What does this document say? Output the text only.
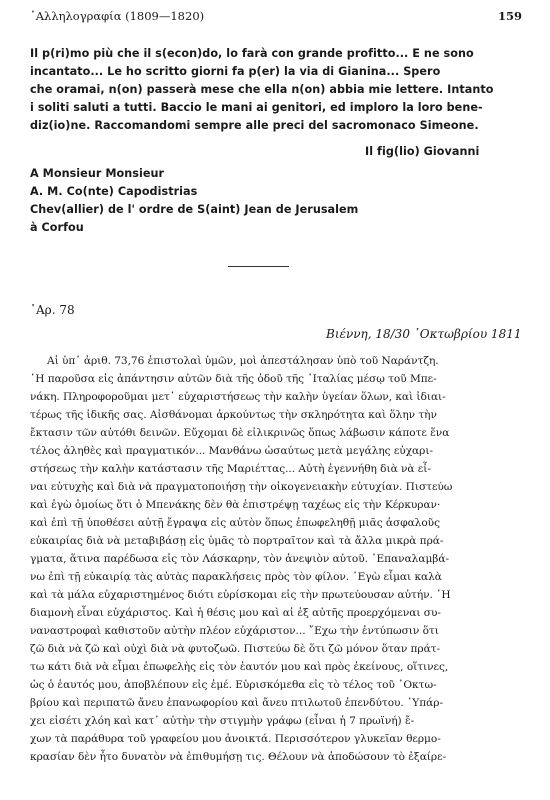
᾿Αλληλογραφία (1809—1820)	159
Il p(ri)mo più che il s(econ)do, lo farà con grande profitto... E ne sono
incantato... Le ho scritto giorni fa p(er) la via di Gianina... Spero
che oramai, n(on) passerà mese che ella n(on) abbia mie lettere. Intanto
i soliti saluti a tutti. Baccio le mani ai genitori, ed imploro la loro bene-
diz(io)ne. Raccomandomi sempre alle preci del sacromonaco Simeone.
Il fig(lio) Giovanni
A Monsieur Monsieur
A. M. Co(nte) Capodistrias
Chev(allier) de l' ordre de S(aint) Jean de Jerusalem
à Corfou
᾿Αρ. 78
Βιέννη, 18/30 ᾿Οκτωβρίου 1811
Αἱ ὑπ᾿ ἀριθ. 73,76 ἐπιστολαὶ ὑμῶν, μοὶ ἀπεστάλησαν ὑπὸ τοῦ Ναράντζη.
῾Η παροῦσα εἰς ἀπάντησιν αὐτῶν διὰ τῆς ὁδοῦ τῆς ᾿Ιταλίας μέσῳ τοῦ Μπε-
νάκη. Πληροφοροῦμαι μετ᾿ εὐχαριστήσεως τὴν καλὴν ὑγείαν ὅλων, καὶ ἰδιαι-
τέρως τῆς ἰδικῆς σας. Αἰσθάνομαι ἀρκούντως τὴν σκληρότητα καὶ ὅλην τὴν
ἔκτασιν τῶν αὐτόθι δεινῶν. Εὔχομαι δὲ εἰλικρινῶς ὅπως λάβωσιν κάποτε ἕνα
τέλος ἀληθὲς καὶ πραγματικόν... Μανθάνω ὡσαύτως μετὰ μεγάλης εὐχαρι-
στήσεως τὴν καλὴν κατάστασιν τῆς Μαριέττας... Αὐτὴ ἐγεννήθη διὰ νὰ εἶ-
ναι εὐτυχὴς καὶ διὰ νὰ πραγματοποιήσῃ τὴν οἰκογενειακὴν εὐτυχίαν. Πιστεύω
καὶ ἐγὼ ὁμοίως ὅτι ὁ Μπενάκης δὲν θὰ ἐπιστρέψῃ ταχέως εἰς τὴν Κέρκυραν·
καὶ ἐπὶ τῇ ὑποθέσει αὐτῇ ἔγραψα εἰς αὐτὸν ὅπως ἐπωφεληθῇ μιᾶς ἀσφαλοῦς
εὐκαιρίας διὰ νὰ μεταβιβάσῃ εἰς ὑμᾶς τὸ πορτραῖτον καὶ τὰ ἄλλα μικρὰ πρά-
γματα, ἅτινα παρέδωσα εἰς τὸν Λάσκαρην, τὸν ἀνεψιὸν αὐτοῦ. ᾿Επαναλαμβά-
νω ἐπὶ τῇ εὐκαιρίᾳ τὰς αὐτὰς παρακλήσεις πρὸς τὸν φίλον. ᾿Εγὼ εἶμαι καλὰ
καὶ τὰ μάλα εὐχαριστημένος διότι εὑρίσκομαι εἰς τὴν πρωτεύουσαν αὐτήν. ῾Η
διαμονὴ εἶναι εὐχάριστος. Καὶ ἡ θέσις μου καὶ αἱ ἐξ αὐτῆς προερχόμεναι συ-
ναναστροφαὶ καθιστοῦν αὐτὴν πλέον εὐχάριστον... ῎Εχω τὴν ἐντύπωσιν ὅτι
ζῶ διὰ νὰ ζῶ καὶ οὐχὶ διὰ νὰ φυτοζωῶ. Πιστεύω δὲ ὅτι ζῶ μόνον ὅταν πράτ-
τω κάτι διὰ νὰ εἶμαι ἐπωφελὴς εἰς τὸν ἑαυτόν μου καὶ πρὸς ἐκείνους, οἵτινες,
ὡς ὁ ἑαυτός μου, ἀποβλέπουν εἰς ἐμέ. Εὑρισκόμεθα εἰς τὸ τέλος τοῦ ᾿Οκτω-
βρίου καὶ περιπατῶ ἄνευ ἐπανωφορίου καὶ ἄνευ πτιλωτοῦ ἐπενδύτου. ῾Υπάρ-
χει εἰσέτι χλόη καὶ κατ᾿ αὐτὴν τὴν στιγμὴν γράφω (εἶναι ἡ 7 πρωϊνή) ἔ-
χων τὰ παράθυρα τοῦ γραφείου μου ἀνοικτά. Περισσότερον γλυκεῖαν θερμο-
κρασίαν δὲν ἦτο δυνατὸν νὰ ἐπιθυμήσῃ τις. Θέλουν νὰ ἀποδώσουν τὸ ἐξαίρε-
